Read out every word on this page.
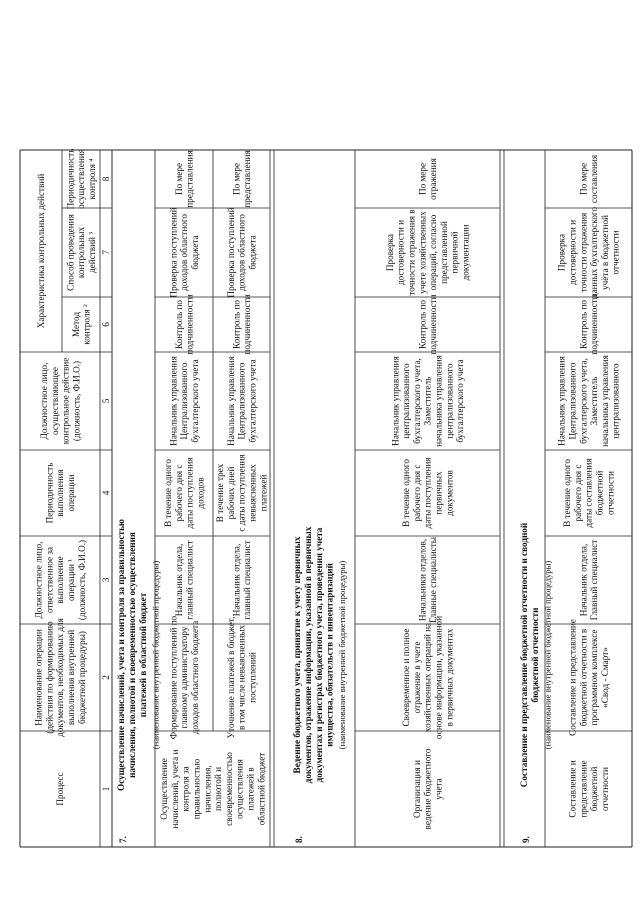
Характеристика контрольных действий
Процесс	1
Наименование операции(действия по формированиюдокументов, необходимых длявыполнения внутреннейбюджетной процедуры) 2
Должностное лицо,ответственное завыполнениеоперации ¹(должность, Ф.И.О.) 3
Периодичностьвыполненияоперации	4
Должностное лицо,осуществляющееконтрольное действие(должность, Ф.И.О.) 5
Методконтроля ² 6
Способ проведенияконтрольныхдействий ³ 7
Периодичностьосуществленияконтроля ⁴ 8
7.
Осуществление начислений, учета и контроля за правильностьюначисления, полнотой и своевременностью осуществленияплатежей в областной бюджет (наименование внутренней бюджетной процедуры)
Осуществлениеначислений, учета иконтроля заправильностьюначисления,полнотой исвоевременностьюосуществленияплатежей вобластной бюджет
Формирование поступлений поглавному администраторудоходов областного бюджета
Начальник отдела,главный специалист
В течение одногорабочего дня сдаты поступлениядоходов
Начальник управленияЦентрализованногобухгалтерского учета
Контроль поподчиненности
Проверка поступленийдоходов областногобюджета
По мерепредставления
Уточнение платежей в бюджет,в том числе невыясненныхпоступлений
Начальник отдела,главный специалист
В течение трехрабочих днейс даты поступленияневыясненныхплатежей
Начальник управленияЦентрализованногобухгалтерского учета
Контроль поподчиненности
Проверка поступленийдоходов областногобюджета
По мерепредставления
8.
Ведение бюджетного учета, принятие к учету первичныхдокументов, отражение информации, указанной в первичныхдокументах и регистрах бюджетного учета, проведения учетаимущества, обязательств и инвентаризаций (наименование внутренней бюджетной процедуры)
Организация иведение бюджетногоучета
Своевременное и полноеотражение в учетехозяйственных операций наоснове информации, указаннойв первичных документах
Начальники отделов,Главные специалисты
В течение одногорабочего дня сдаты поступленияпервичныхдокументов
Начальник управленияцентрализованногобухгалтерского учета,Заместительначальника управленияцентрализованногобухгалтерского учета
Контроль поподчиненности
Проверкадостоверности иточности отражения вучете хозяйственныхопераций, согласнопредставленнойпервичнойдокументации
По мереотражения
9.
Составление и представление бюджетной отчетности и своднойбюджетной отчетности (наименование внутренней бюджетной процедуры)
Составление ипредставлениебюджетнойотчетности
Составление и представлениебюджетной отчетности впрограммном комплексе«Свод - Смарт»
Начальник отдела,Главный специалист
В течение одногорабочего дня сдаты составлениябюджетнойотчетности
Начальник управленияЦентрализованногобухгалтерского учета,Заместительначальника управленияцентрализованного
Контроль поподчиненности
Проверкадостоверности иточности отраженияданных бухгалтерскогоучёта в бюджетнойотчетности
По мересоставления
